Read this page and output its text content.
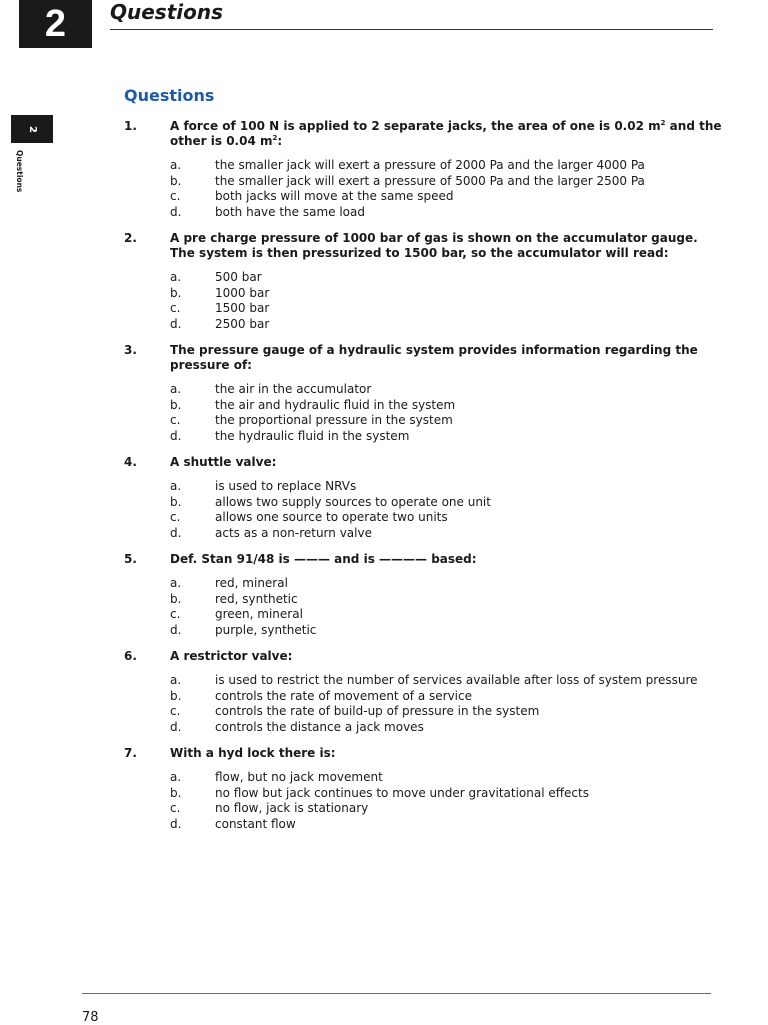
2	Questions
2
Questions
Questions
1.	A force of 100 N is applied to 2 separate jacks, the area of one is 0.02 $m^2$ and the other is 0.04 $m^2$:
a.	the smaller jack will exert a pressure of 2000 Pa and the larger 4000 Pa
b.	the smaller jack will exert a pressure of 5000 Pa and the larger 2500 Pa
c.	both jacks will move at the same speed
d.	both have the same load
2.	A pre charge pressure of 1000 bar of gas is shown on the accumulator gauge. The system is then pressurized to 1500 bar, so the accumulator will read:
a.	500 bar
b.	1000 bar
c.	1500 bar
d.	2500 bar
3.	The pressure gauge of a hydraulic system provides information regarding the pressure of:
a.	the air in the accumulator
b.	the air and hydraulic fluid in the system
c.	the proportional pressure in the system
d.	the hydraulic fluid in the system
4.	A shuttle valve:
a.	is used to replace NRVs
b.	allows two supply sources to operate one unit
c.	allows one source to operate two units
d.	acts as a non-return valve
5.	Def. Stan 91/48 is ——— and is ———— based:
a.	red, mineral
b.	red, synthetic
c.	green, mineral
d.	purple, synthetic
6.	A restrictor valve:
a.	is used to restrict the number of services available after loss of system pressure
b.	controls the rate of movement of a service
c.	controls the rate of build-up of pressure in the system
d.	controls the distance a jack moves
7.	With a hyd lock there is:
a.	flow, but no jack movement
b.	no flow but jack continues to move under gravitational effects
c.	no flow, jack is stationary
d.	constant flow
78
